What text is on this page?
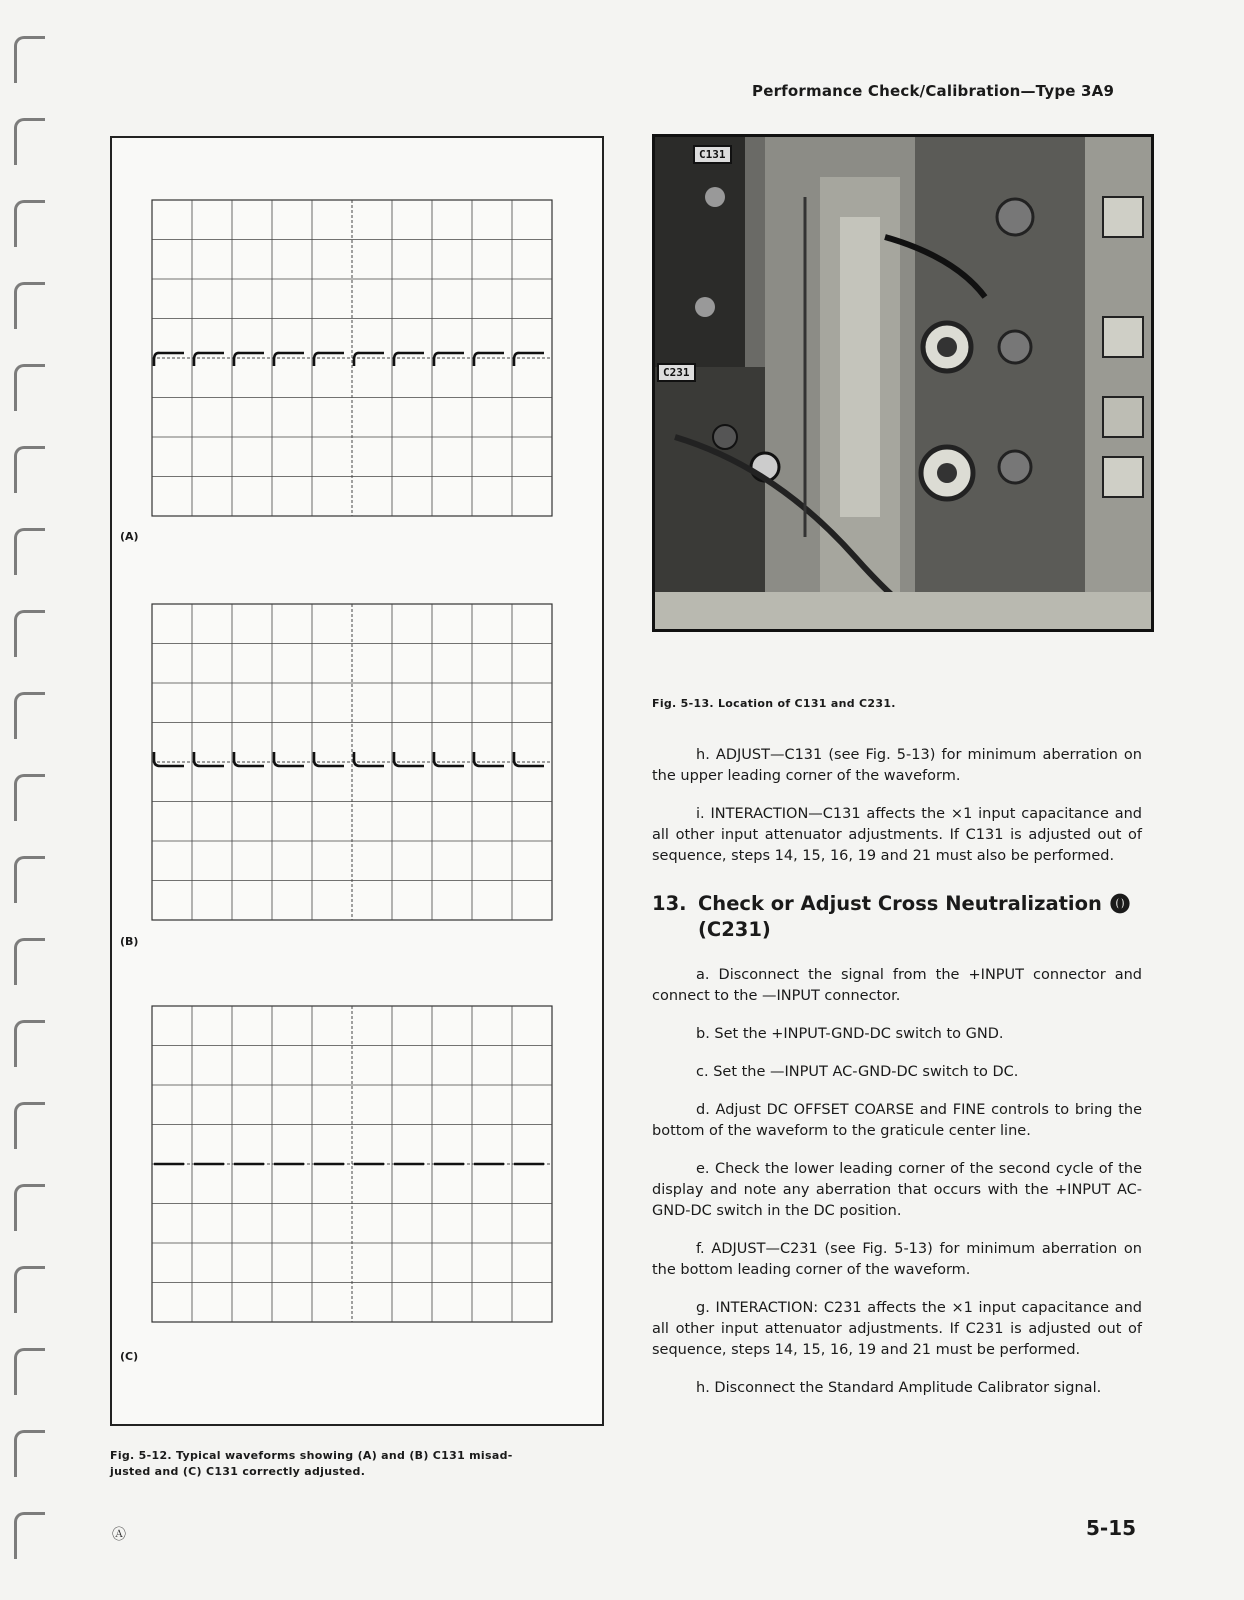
Performance Check/Calibration—Type 3A9
(A)
(B)
(C)
Fig. 5-12. Typical waveforms showing (A) and (B) C131 misad-
justed and (C) C131 correctly adjusted.
C131
C231
Fig. 5-13. Location of C131 and C231.

h. ADJUST—C131 (see Fig. 5-13) for minimum aberration on the upper leading corner of the waveform.

i. INTERACTION—C131 affects the ×1 input capacitance and all other input attenuator adjustments. If C131 is adjusted out of sequence, steps 14, 15, 16, 19 and 21 must also be performed.

13. Check or Adjust Cross Neutralization
(C231)
⓿

a. Disconnect the signal from the +INPUT connector and connect to the —INPUT connector.

b. Set the +INPUT-GND-DC switch to GND.

c. Set the —INPUT AC-GND-DC switch to DC.

d. Adjust DC OFFSET COARSE and FINE controls to bring the bottom of the waveform to the graticule center line.

e. Check the lower leading corner of the second cycle of the display and note any aberration that occurs with the +INPUT AC-GND-DC switch in the DC position.

f. ADJUST—C231 (see Fig. 5-13) for minimum aberration on the bottom leading corner of the waveform.

g. INTERACTION: C231 affects the ×1 input capacitance and all other input attenuator adjustments. If C231 is adjusted out of sequence, steps 14, 15, 16, 19 and 21 must be performed.

h. Disconnect the Standard Amplitude Calibrator signal.

Ⓐ	5-15
